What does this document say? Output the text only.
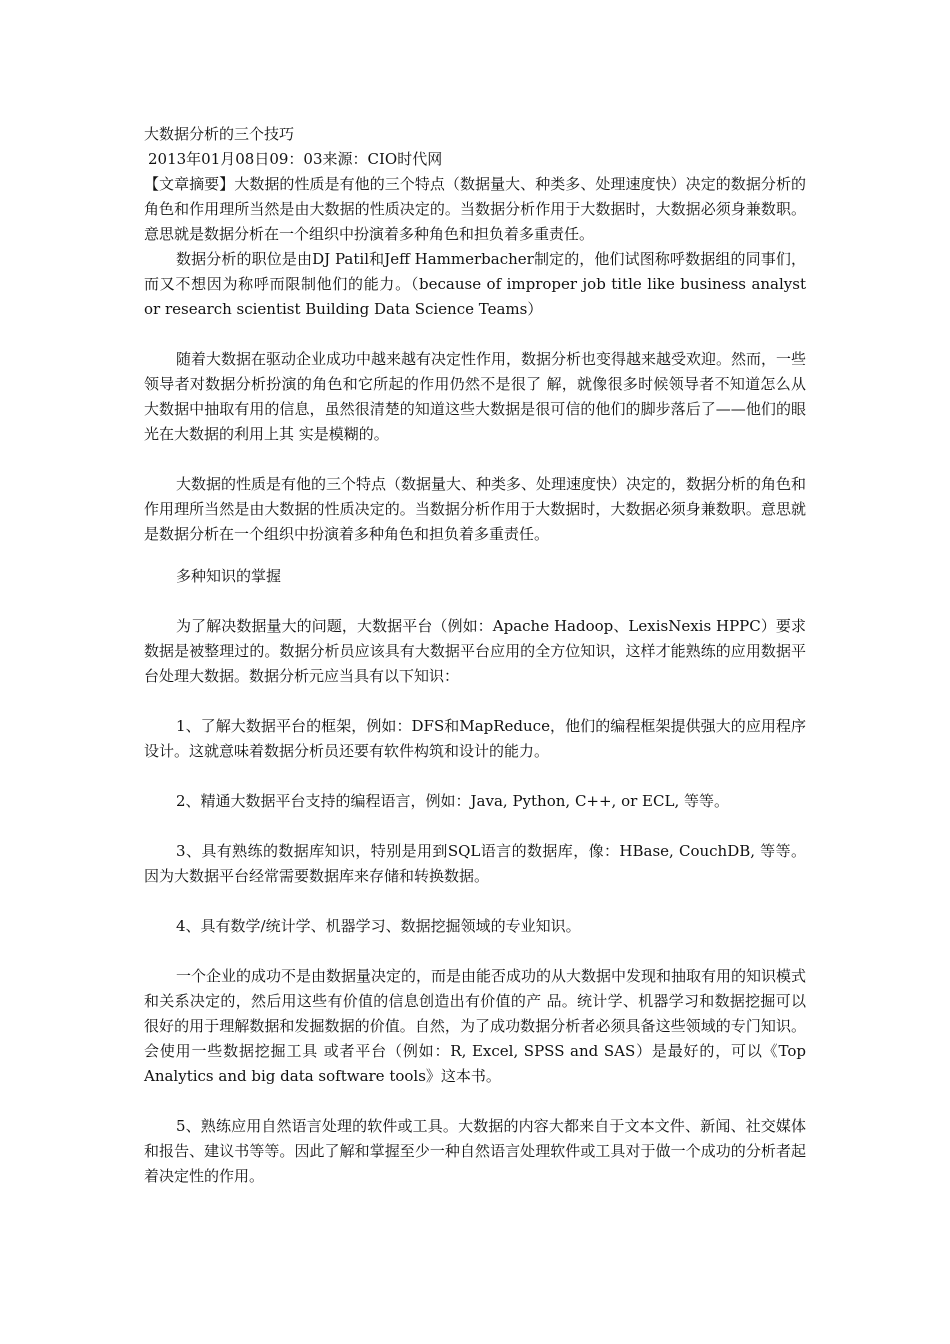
大数据分析的三个技巧

2013年01月08日09：03来源：CIO时代网

【文章摘要】大数据的性质是有他的三个特点（数据量大、种类多、处理速度快）决定的数据分析的角色和作用理所当然是由大数据的性质决定的。当数据分析作用于大数据时，大数据必须身兼数职。意思就是数据分析在一个组织中扮演着多种角色和担负着多重责任。

数据分析的职位是由DJ Patil和Jeff Hammerbacher制定的，他们试图称呼数据组的同事们，而又不想因为称呼而限制他们的能力。（because of improper job title like business analyst or research scientist Building Data Science Teams）

随着大数据在驱动企业成功中越来越有决定性作用，数据分析也变得越来越受欢迎。然而，一些领导者对数据分析扮演的角色和它所起的作用仍然不是很了 解，就像很多时候领导者不知道怎么从大数据中抽取有用的信息，虽然很清楚的知道这些大数据是很可信的他们的脚步落后了——他们的眼光在大数据的利用上其 实是模糊的。

大数据的性质是有他的三个特点（数据量大、种类多、处理速度快）决定的，数据分析的角色和作用理所当然是由大数据的性质决定的。当数据分析作用于大数据时，大数据必须身兼数职。意思就是数据分析在一个组织中扮演着多种角色和担负着多重责任。

多种知识的掌握

为了解决数据量大的问题，大数据平台（例如：Apache Hadoop、LexisNexis HPPC）要求数据是被整理过的。数据分析员应该具有大数据平台应用的全方位知识，这样才能熟练的应用数据平台处理大数据。数据分析元应当具有以下知识：

1、了解大数据平台的框架，例如：DFS和MapReduce，他们的编程框架提供强大的应用程序设计。这就意味着数据分析员还要有软件构筑和设计的能力。

2、精通大数据平台支持的编程语言，例如：Java, Python, C++, or ECL, 等等。

3、具有熟练的数据库知识，特别是用到SQL语言的数据库，像：HBase, CouchDB, 等等。因为大数据平台经常需要数据库来存储和转换数据。

4、具有数学/统计学、机器学习、数据挖掘领域的专业知识。

一个企业的成功不是由数据量决定的，而是由能否成功的从大数据中发现和抽取有用的知识模式和关系决定的，然后用这些有价值的信息创造出有价值的产 品。统计学、机器学习和数据挖掘可以很好的用于理解数据和发掘数据的价值。自然，为了成功数据分析者必须具备这些领域的专门知识。会使用一些数据挖掘工具 或者平台（例如：R, Excel, SPSS and SAS）是最好的，可以《Top Analytics and big data software tools》这本书。

5、熟练应用自然语言处理的软件或工具。大数据的内容大都来自于文本文件、新闻、社交媒体和报告、建议书等等。因此了解和掌握至少一种自然语言处理软件或工具对于做一个成功的分析者起着决定性的作用。
